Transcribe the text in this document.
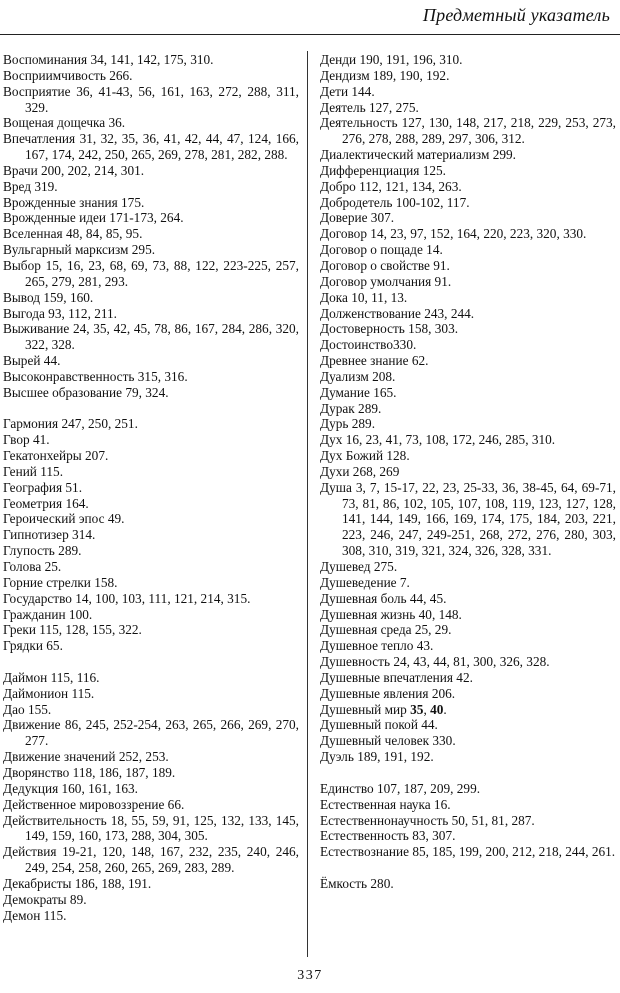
Предметный указатель
Воспоминания 34, 141, 142, 175, 310.
Восприимчивость 266.
Восприятие 36, 41-43, 56, 161, 163, 272, 288, 311, 329.
Вощеная дощечка 36.
Впечатления 31, 32, 35, 36, 41, 42, 44, 47, 124, 166, 167, 174, 242, 250, 265, 269, 278, 281, 282, 288.
Врачи 200, 202, 214, 301.
Вред 319.
Врожденные знания 175.
Врожденные идеи 171-173, 264.
Вселенная 48, 84, 85, 95.
Вульгарный марксизм 295.
Выбор 15, 16, 23, 68, 69, 73, 88, 122, 223-225, 257, 265, 279, 281, 293.
Вывод 159, 160.
Выгода 93, 112, 211.
Выживание 24, 35, 42, 45, 78, 86, 167, 284, 286, 320, 322, 328.
Вырей 44.
Высоконравственность 315, 316.
Высшее образование 79, 324.
Гармония 247, 250, 251.
Гвор 41.
Гекатонхейры 207.
Гений 115.
География 51.
Геометрия 164.
Героический эпос 49.
Гипнотизер 314.
Глупость 289.
Голова 25.
Горние стрелки 158.
Государство 14, 100, 103, 111, 121, 214, 315.
Гражданин 100.
Греки 115, 128, 155, 322.
Грядки 65.
Даймон 115, 116.
Даймонион 115.
Дао 155.
Движение 86, 245, 252-254, 263, 265, 266, 269, 270, 277.
Движение значений 252, 253.
Дворянство 118, 186, 187, 189.
Дедукция 160, 161, 163.
Действенное мировоззрение 66.
Действительность 18, 55, 59, 91, 125, 132, 133, 145, 149, 159, 160, 173, 288, 304, 305.
Действия 19-21, 120, 148, 167, 232, 235, 240, 246, 249, 254, 258, 260, 265, 269, 283, 289.
Декабристы 186, 188, 191.
Демократы 89.
Демон 115.
Денди 190, 191, 196, 310.
Дендизм 189, 190, 192.
Дети 144.
Деятель 127, 275.
Деятельность 127, 130, 148, 217, 218, 229, 253, 273, 276, 278, 288, 289, 297, 306, 312.
Диалектический материализм 299.
Дифференциация 125.
Добро 112, 121, 134, 263.
Добродетель 100-102, 117.
Доверие 307.
Договор 14, 23, 97, 152, 164, 220, 223, 320, 330.
Договор о пощаде 14.
Договор о свойстве 91.
Договор умолчания 91.
Дока 10, 11, 13.
Долженствование 243, 244.
Достоверность 158, 303.
Достоинство330.
Древнее знание 62.
Дуализм 208.
Думание 165.
Дурак 289.
Дурь 289.
Дух 16, 23, 41, 73, 108, 172, 246, 285, 310.
Дух Божий 128.
Духи 268, 269
Душа 3, 7, 15-17, 22, 23, 25-33, 36, 38-45, 64, 69-71, 73, 81, 86, 102, 105, 107, 108, 119, 123, 127, 128, 141, 144, 149, 166, 169, 174, 175, 184, 203, 221, 223, 246, 247, 249-251, 268, 272, 276, 280, 303, 308, 310, 319, 321, 324, 326, 328, 331.
Душевед 275.
Душеведение 7.
Душевная боль 44, 45.
Душевная жизнь 40, 148.
Душевная среда 25, 29.
Душевное тепло 43.
Душевность 24, 43, 44, 81, 300, 326, 328.
Душевные впечатления 42.
Душевные явления 206.
Душевный мир 35, 40.
Душевный покой 44.
Душевный человек 330.
Дуэль 189, 191, 192.
Единство 107, 187, 209, 299.
Естественная наука 16.
Естественнонаучность 50, 51, 81, 287.
Естественность 83, 307.
Естествознание 85, 185, 199, 200, 212, 218, 244, 261.
Ёмкость 280.
337
